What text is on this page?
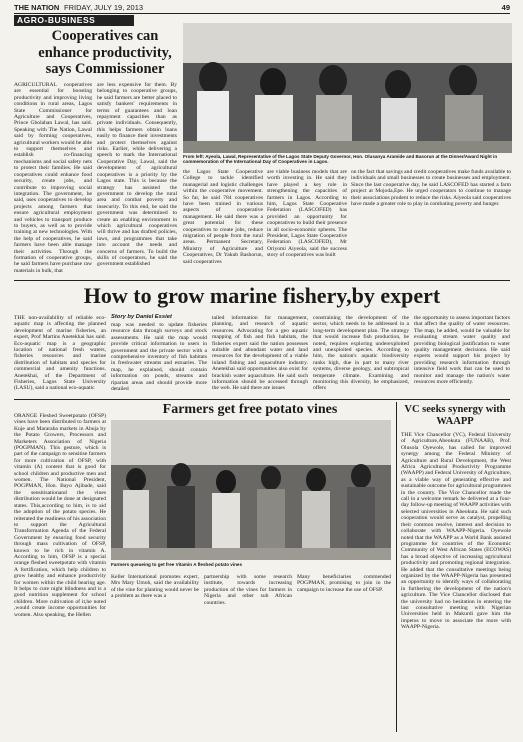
THE NATION FRIDAY, JULY 19, 2013	49
AGRO-BUSINESS
Cooperatives can enhance productivity, says Commissioner
AGRICULTURAL cooperatives are essential for boosting productivity and improving living conditions in rural areas, Lagos State Commissioner for Agriculture and Cooperatives, Prince Gbolahan Lawal, has said. Speaking with The Nation, Lawal said by forming cooperatives, agricultural workers would be able to support themselves and establish co-financing mechanisms and social safety nets to protect their families. He said cooperatives could enhance food security, create jobs, and contribute to improving social integration. The government, he said, uses cooperatives to develop projects among farmers that ensure agricultural employment and vehicles to transport produce to buyers, as well as to provide training at new technologies. With the help of cooperatives, he said farmers have been able manage their activities. Through the formation of cooperative groups, he said farmers have purchase raw materials in bulk, that
are less expensive for them. By belonging to cooperative groups, he said farmers are better placed to satisfy bankers' requirements in terms of guarantees and loan repayment capacities than as private individuals. Consequently, this helps farmers obtain loans easily to finance their investments and protect themselves against risks. Earlier, while delivering a speech to mark the International Cooperative Day, Lawal, said the development of agricultural cooperatives is a priority by the Lagos state. This is because the strategy has assisted the government to develop the rural area and combat poverty and insecurity. To this end, he said the government was determined to create an enabling environment in which agricultural cooperatives will thrive and has drafted policies, laws, and programmes that take into account the needs and concerns of farmers. To build the skills of cooperators, he said the government established
From left: Ayeola, Lawal, Representative of the Lagos State Deputy Governor, Hon. Olusanya Aramide and Basorun at the Dinner/Award Night in commemoration of the International Day of Cooperatives in Lagos.
the Lagos State Cooperative College to tackle identified managerial and logistic challenges within the cooperative movement. So far, he said 784 cooperatives have been trained in various aspects of cooperative management. He said there was a great potential for these cooperatives to create jobs, reduce migration of people from the rural areas. Permanent Secretary, Ministry of Agriculture and Cooperatives, Dr Yakub Bashorun, said cooperatives
are viable business models that are worth investing in. He said they have played a key role in strengthening the capacities of farmers in Lagos. According to him, Lagos State Cooperative Federation (LASCOFED) has provided an opportunity for cooperatives to build their presence in all socio-economic spheres. The President, Lagos State Cooperative Federation (LASCOFED), Mr Oriyomi Aiyeola, said the success story of cooperatives was built
on the fact that savings and credit cooperatives make funds available to individuals and small businesses to create businesses and employment. Since the last cooperative day, he said LASCOFED has started a farm project at Mojoda,Epe. He urged cooperators to continue to manage their associations prudent to reduce the risks. Aiyeola said cooperatives have made a greater role to play in combating poverty and hunger.
How to grow marine fishery,by expert
THE non-availability of reliable eco-aquatic map is affecting the planned development of marine fisheries, an expert, Prof Martins Anetekhai has said. Eco-aquatic map is a geographic location of national fresh waters, fisheries resources and marine distribution of habitats and species for commercial and amenity functions. Anetekhai, of the Department of Fisheries, Lagos State University (LASU), said a national eco-aquatic
Story by Daniel Essiet
map was needed to update fisheries resource data through surveys and stock assessments. He said the map would provide critical information to users in government and the private sector with a comprehensive inventory of fish habitats in freshwater streams and estuaries. The map, he explained, should contain information on ponds, streams and riparian areas and should provide more detailed
tailed information for management, planning, and research of aquatic resources. Advocating for a geo aquatic mapping of fish and fish habitats, the fisheries expert said the nation possesses suitable and abundant water and land resources for the development of a viable inland fishing and aquaculture industry. Anetekhai said opportunities also exist for brackish water aquaculture. He said such information should be accessed through the web. He said there are issues
constraining the development of the sector, which needs to be addressed in a long-term development plan. The strategy that would increase fish production, he noted, requires exploring underexploited and unexploited species. According to him, the nation's aquatic biodiversity ranks high, due in part to many river systems, diverse geology, and subtropical temperate climate. Examining and monitoring this diversity, he emphasized, offers
the opportunity to assess important factors that affect the quality of water resources. The map, he added, would be valuable for evaluating stream water quality and providing biological justification to water quality management decisions. He said experts would support his project by providing research information through intensive field work that can be used to monitor and manage the nation's water resources more efficiently.
Farmers get free potato vines
ORANGE Fleshed Sweetpotato (OFSP) vines have been distributed to farmers at Kuje and Mararaba markets in Abuja by the Potato Growers, Processors and Marketers Association of Nigeria (POGPMAN). This gesture, which is part of the campaign to sensitise farmers for more cultivation of OFSP, with vitamin (A) content that is good for school children and productive men and women. The National President, POGPMAN, Hon. Bayo Ajibade, said the sensitisationand the vines distribution would be done at designated states. This,according to him, is to aid the adoption of the potato species. He reiterated the readiness of his association to support the Agricultural Transformation Agenda of the Federal Government by ensuring food security through mass cultivation of OFSP, known to be rich in vitamin A. According to him, OFSP is a special orange fleshed sweetpotato with vitamin A fortification, which help children to grow healthy and enhance productivity for women within the child bearing age. It helps to cure night blindness and is a good nutrition supplement for school children. More cultivation of it,he noted ,would create income opportunities for women. Also speaking, the Hellen
Farmers queueing to get free Vitamin A fleshed potato vines
Keller International promotes expert, Mrs Mary Umoh, said the availability of the vine for planting would never be a problem as there was a
partnership with some research institute, towards increasing production of the vines for farmers in Nigeria and other sub African countries.
Many beneficiaries commended POGPMAN, promising to join in the campaign to increase the use of OFSP.
VC seeks synergy with WAAPP
THE Vice Chancellor (VC), Federal University of Agriculture,Abeokuta (FUNAAB), Prof. Olusola Oyewole, has called for improved synergy among the Federal Ministry of Agriculture and Rural Development, the West Africa Agricultural Productivity Programme (WAAPP) and Federal University of Agriculture, as a viable way of generating effective and sustainable outcome for agricultural programmes in the country. The Vice Chancellor made the call in a welcome remark he delivered at a four-day follow-up meeting of WAAPP activities with selected universities in Abeokuta. He said such cooperation would serve as catalyst, propelling their common resolve, interest and decision to collaborate with WAAPP-Nigeria. Oyewole noted that the WAAPP as a World Bank assisted programme for countries of the Economic Community of West African States (ECOWAS) has a broad objective of increasing agricultural productivity and promoting regional integration. He added that the consultative meetings being organized by the WAAPP-Nigeria has presented an opportunity to identify ways of collaborating in furthering the development of the nation's agriculture. The Vice Chancellor disclosed that the university had no hesitation in entering the last consultative meeting with Nigerian Universities held in Makurdi gave him the impetus to move to associate the more with WAAPP-Nigeria.
